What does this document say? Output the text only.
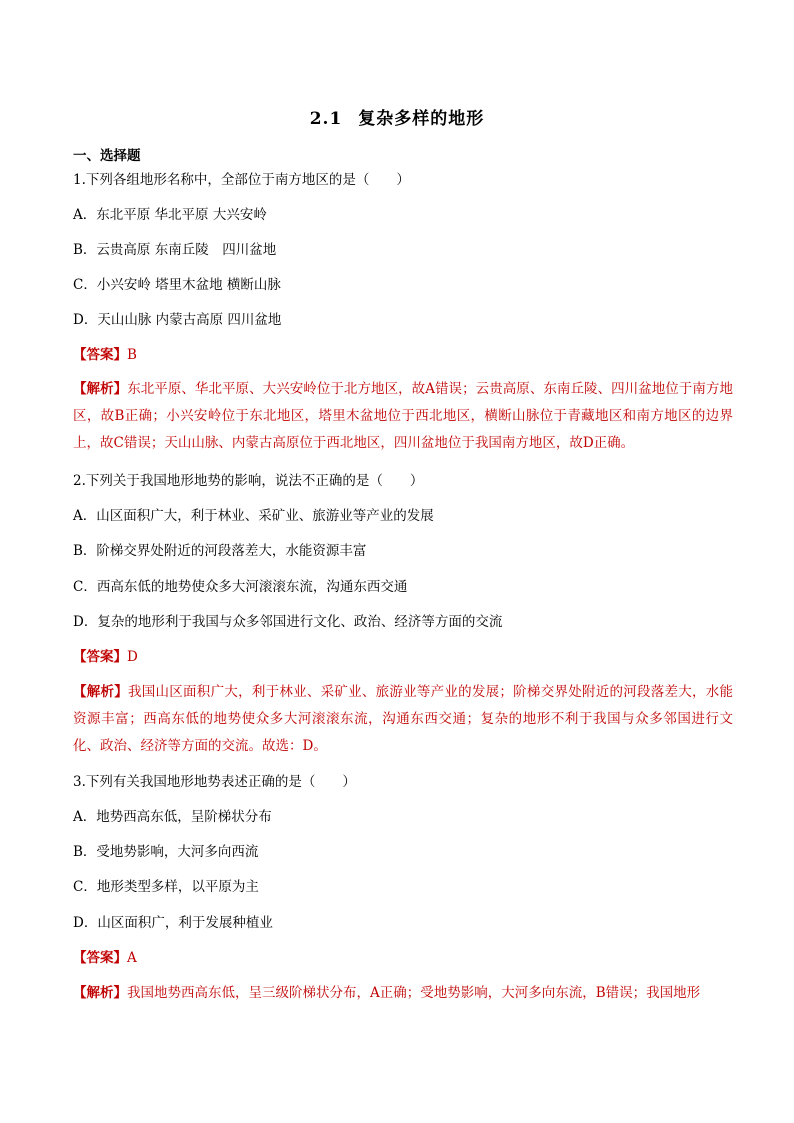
2.1 复杂多样的地形
一、选择题
1.下列各组地形名称中，全部位于南方地区的是（　　）
A．东北平原 华北平原 大兴安岭
B．云贵高原 东南丘陵　四川盆地
C．小兴安岭 塔里木盆地 横断山脉
D．天山山脉 内蒙古高原 四川盆地
【答案】B
【解析】东北平原、华北平原、大兴安岭位于北方地区，故A错误；云贵高原、东南丘陵、四川盆地位于南方地区，故B正确；小兴安岭位于东北地区，塔里木盆地位于西北地区，横断山脉位于青藏地区和南方地区的边界上，故C错误；天山山脉、内蒙古高原位于西北地区，四川盆地位于我国南方地区，故D正确。
2.下列关于我国地形地势的影响，说法不正确的是（　　）
A．山区面积广大，利于林业、采矿业、旅游业等产业的发展
B．阶梯交界处附近的河段落差大，水能资源丰富
C．西高东低的地势使众多大河滚滚东流，沟通东西交通
D．复杂的地形利于我国与众多邻国进行文化、政治、经济等方面的交流
【答案】D
【解析】我国山区面积广大，利于林业、采矿业、旅游业等产业的发展；阶梯交界处附近的河段落差大，水能资源丰富；西高东低的地势使众多大河滚滚东流，沟通东西交通；复杂的地形不利于我国与众多邻国进行文化、政治、经济等方面的交流。故选：D。
3.下列有关我国地形地势表述正确的是（　　）
A．地势西高东低，呈阶梯状分布
B．受地势影响，大河多向西流
C．地形类型多样，以平原为主
D．山区面积广，利于发展种植业
【答案】A
【解析】我国地势西高东低，呈三级阶梯状分布，A正确；受地势影响，大河多向东流，B错误；我国地形
